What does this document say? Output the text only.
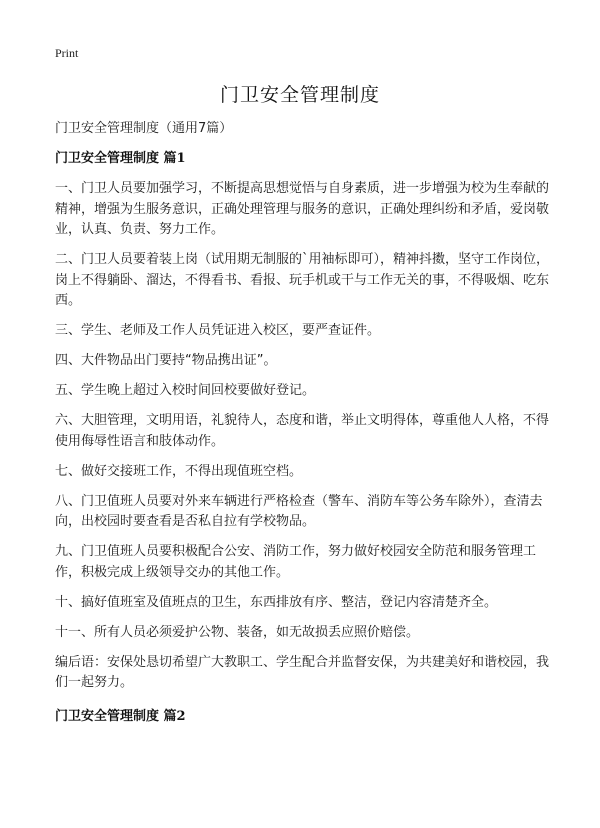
Print
门卫安全管理制度
门卫安全管理制度（通用7篇）
门卫安全管理制度 篇1

一、门卫人员要加强学习，不断提高思想觉悟与自身素质，进一步增强为校为生奉献的精神，增强为生服务意识，正确处理管理与服务的意识，正确处理纠纷和矛盾，爱岗敬业，认真、负责、努力工作。

二、门卫人员要着装上岗（试用期无制服的`用袖标即可），精神抖擞，坚守工作岗位，岗上不得躺卧、溜达，不得看书、看报、玩手机或干与工作无关的事，不得吸烟、吃东西。

三、学生、老师及工作人员凭证进入校区，要严查证件。

四、大件物品出门要持“物品携出证”。

五、学生晚上超过入校时间回校要做好登记。

六、大胆管理，文明用语，礼貌待人，态度和谐，举止文明得体，尊重他人人格，不得使用侮辱性语言和肢体动作。

七、做好交接班工作，不得出现值班空档。

八、门卫值班人员要对外来车辆进行严格检查（警车、消防车等公务车除外），查清去向，出校园时要查看是否私自拉有学校物品。

九、门卫值班人员要积极配合公安、消防工作，努力做好校园安全防范和服务管理工作，积极完成上级领导交办的其他工作。

十、搞好值班室及值班点的卫生，东西排放有序、整洁，登记内容清楚齐全。

十一、所有人员必须爱护公物、装备，如无故损丢应照价赔偿。

编后语：安保处恳切希望广大教职工、学生配合并监督安保，为共建美好和谐校园，我们一起努力。

门卫安全管理制度 篇2
